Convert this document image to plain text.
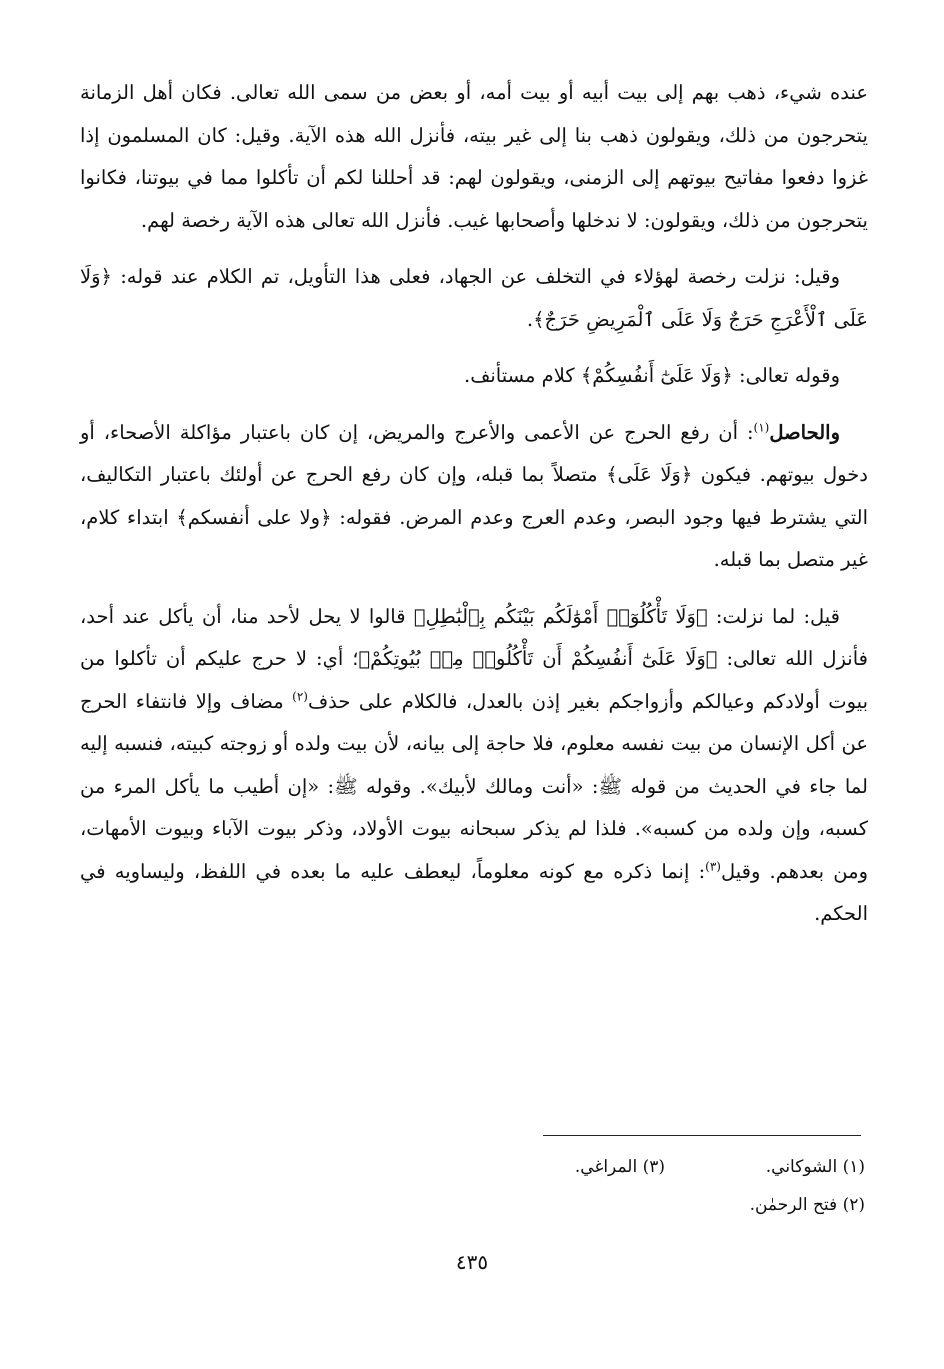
عنده شيء، ذهب بهم إلى بيت أبيه أو بيت أمه، أو بعض من سمى الله تعالى. فكان أهل الزمانة يتحرجون من ذلك، ويقولون ذهب بنا إلى غير بيته، فأنزل الله هذه الآية. وقيل: كان المسلمون إذا غزوا دفعوا مفاتيح بيوتهم إلى الزمنى، ويقولون لهم: قد أحللنا لكم أن تأكلوا مما في بيوتنا، فكانوا يتحرجون من ذلك، ويقولون: لا ندخلها وأصحابها غيب. فأنزل الله تعالى هذه الآية رخصة لهم.

وقيل: نزلت رخصة لهؤلاء في التخلف عن الجهاد، فعلى هذا التأويل، تم الكلام عند قوله: ﴿وَلَا عَلَى ٱلْأَعْرَجِ حَرَجٌ وَلَا عَلَى ٱلْمَرِيضِ حَرَجٌ﴾.

وقوله تعالى: ﴿وَلَا عَلَىٰٓ أَنفُسِكُمْ﴾ كلام مستأنف.

والحاصل$^{(١)}$: أن رفع الحرج عن الأعمى والأعرج والمريض، إن كان باعتبار مؤاكلة الأصحاء، أو دخول بيوتهم. فيكون ﴿وَلَا عَلَى﴾ متصلاً بما قبله، وإن كان رفع الحرج عن أولئك باعتبار التكاليف، التي يشترط فيها وجود البصر، وعدم العرج وعدم المرض. فقوله: ﴿ولا على أنفسكم﴾ ابتداء كلام، غير متصل بما قبله.

قيل: لما نزلت: ﴿وَلَا تَأْكُلُوٓا۟ أَمْوَٰلَكُم بَيْنَكُم بِٱلْبَٰطِلِ﴾ قالوا لا يحل لأحد منا، أن يأكل عند أحد، فأنزل الله تعالى: ﴿وَلَا عَلَىٰٓ أَنفُسِكُمْ أَن تَأْكُلُوا۟ مِنۢ بُيُوتِكُمْ﴾؛ أي: لا حرج عليكم أن تأكلوا من بيوت أولادكم وعيالكم وأزواجكم بغير إذن بالعدل، فالكلام على حذف$^{(٢)}$ مضاف وإلا فانتفاء الحرج عن أكل الإنسان من بيت نفسه معلوم، فلا حاجة إلى بيانه، لأن بيت ولده أو زوجته كبيته، فنسبه إليه لما جاء في الحديث من قوله ﷺ: «أنت ومالك لأبيك». وقوله ﷺ: «إن أطيب ما يأكل المرء من كسبه، وإن ولده من كسبه». فلذا لم يذكر سبحانه بيوت الأولاد، وذكر بيوت الآباء وبيوت الأمهات، ومن بعدهم. وقيل$^{(٣)}$: إنما ذكره مع كونه معلوماً، ليعطف عليه ما بعده في اللفظ، وليساويه في الحكم.

(١) الشوكاني.
(٣) المراغي.
(٢) فتح الرحمٰن.
٤٣٥
